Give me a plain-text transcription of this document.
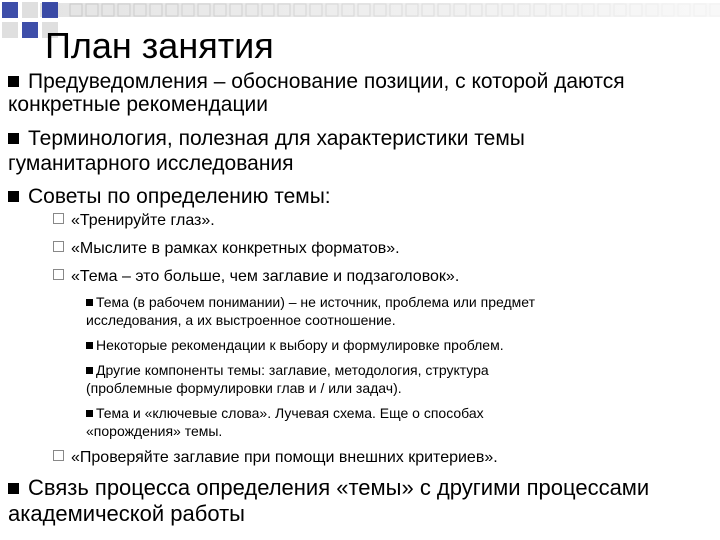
План занятия
Предуведомления – обоснование позиции, с которой даются
конкретные рекомендации
Терминология, полезная для характеристики темы
гуманитарного исследования
Советы по определению темы:
«Тренируйте глаз».
«Мыслите в рамках конкретных форматов».
«Тема – это больше, чем заглавие и подзаголовок».
Тема (в рабочем понимании) – не источник, проблема или предмет
исследования, а их выстроенное соотношение.
Некоторые рекомендации к выбору и формулировке проблем.
Другие компоненты темы: заглавие, методология, структура
(проблемные формулировки глав и / или задач).
Тема и «ключевые слова». Лучевая схема. Еще о способах
«порождения» темы.
«Проверяйте заглавие при помощи внешних критериев».
Связь процесса определения «темы» с другими процессами
академической работы
